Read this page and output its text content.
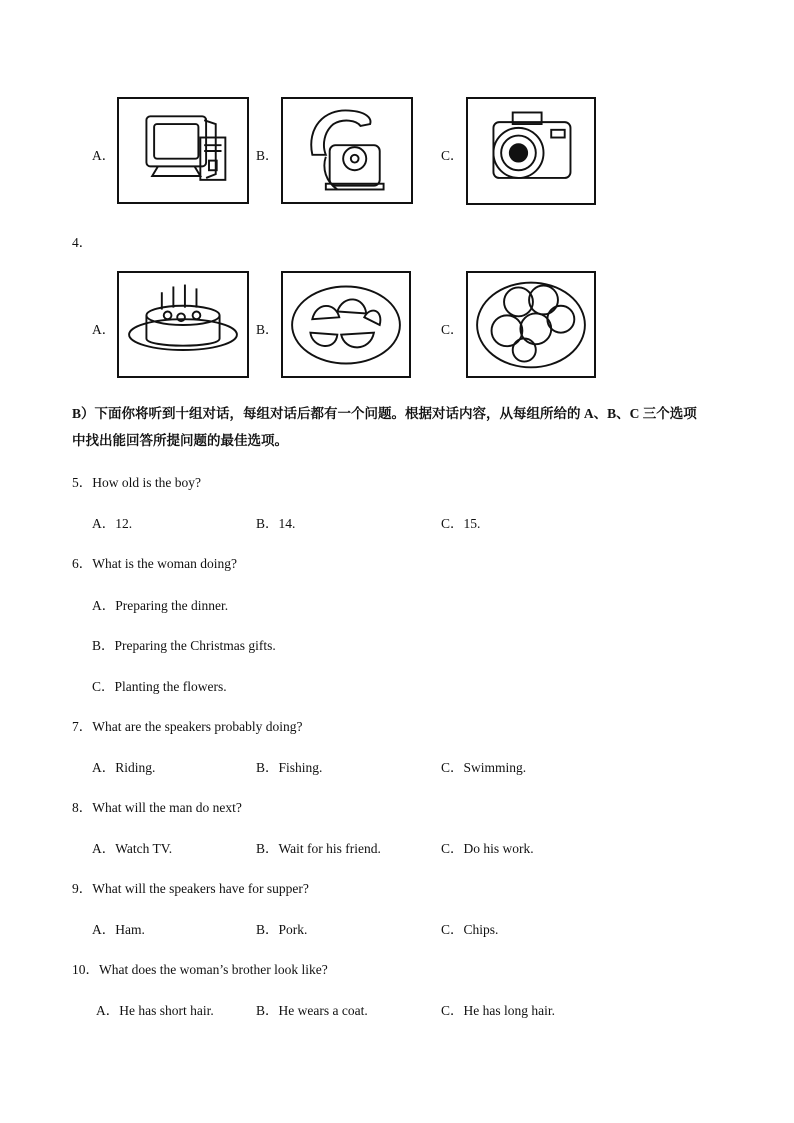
A．	B．	C．
4．
A．	B．	C．
B）下面你将听到十组对话，每组对话后都有一个问题。根据对话内容，从每组所给的 A、B、C 三个选项
中找出能回答所提问题的最佳选项。
5．How old is the boy?
A．12.	B．14.	C．15.
6．What is the woman doing?
A．Preparing the dinner.
B．Preparing the Christmas gifts.
C．Planting the flowers.
7．What are the speakers probably doing?
A．Riding.	B．Fishing.	C．Swimming.
8．What will the man do next?
A．Watch TV.	B．Wait for his friend.	C．Do his work.
9．What will the speakers have for supper?
A．Ham.	B．Pork.	C．Chips.
10．What does the woman’s brother look like?
A．He has short hair.	B．He wears a coat.	C．He has long hair.
